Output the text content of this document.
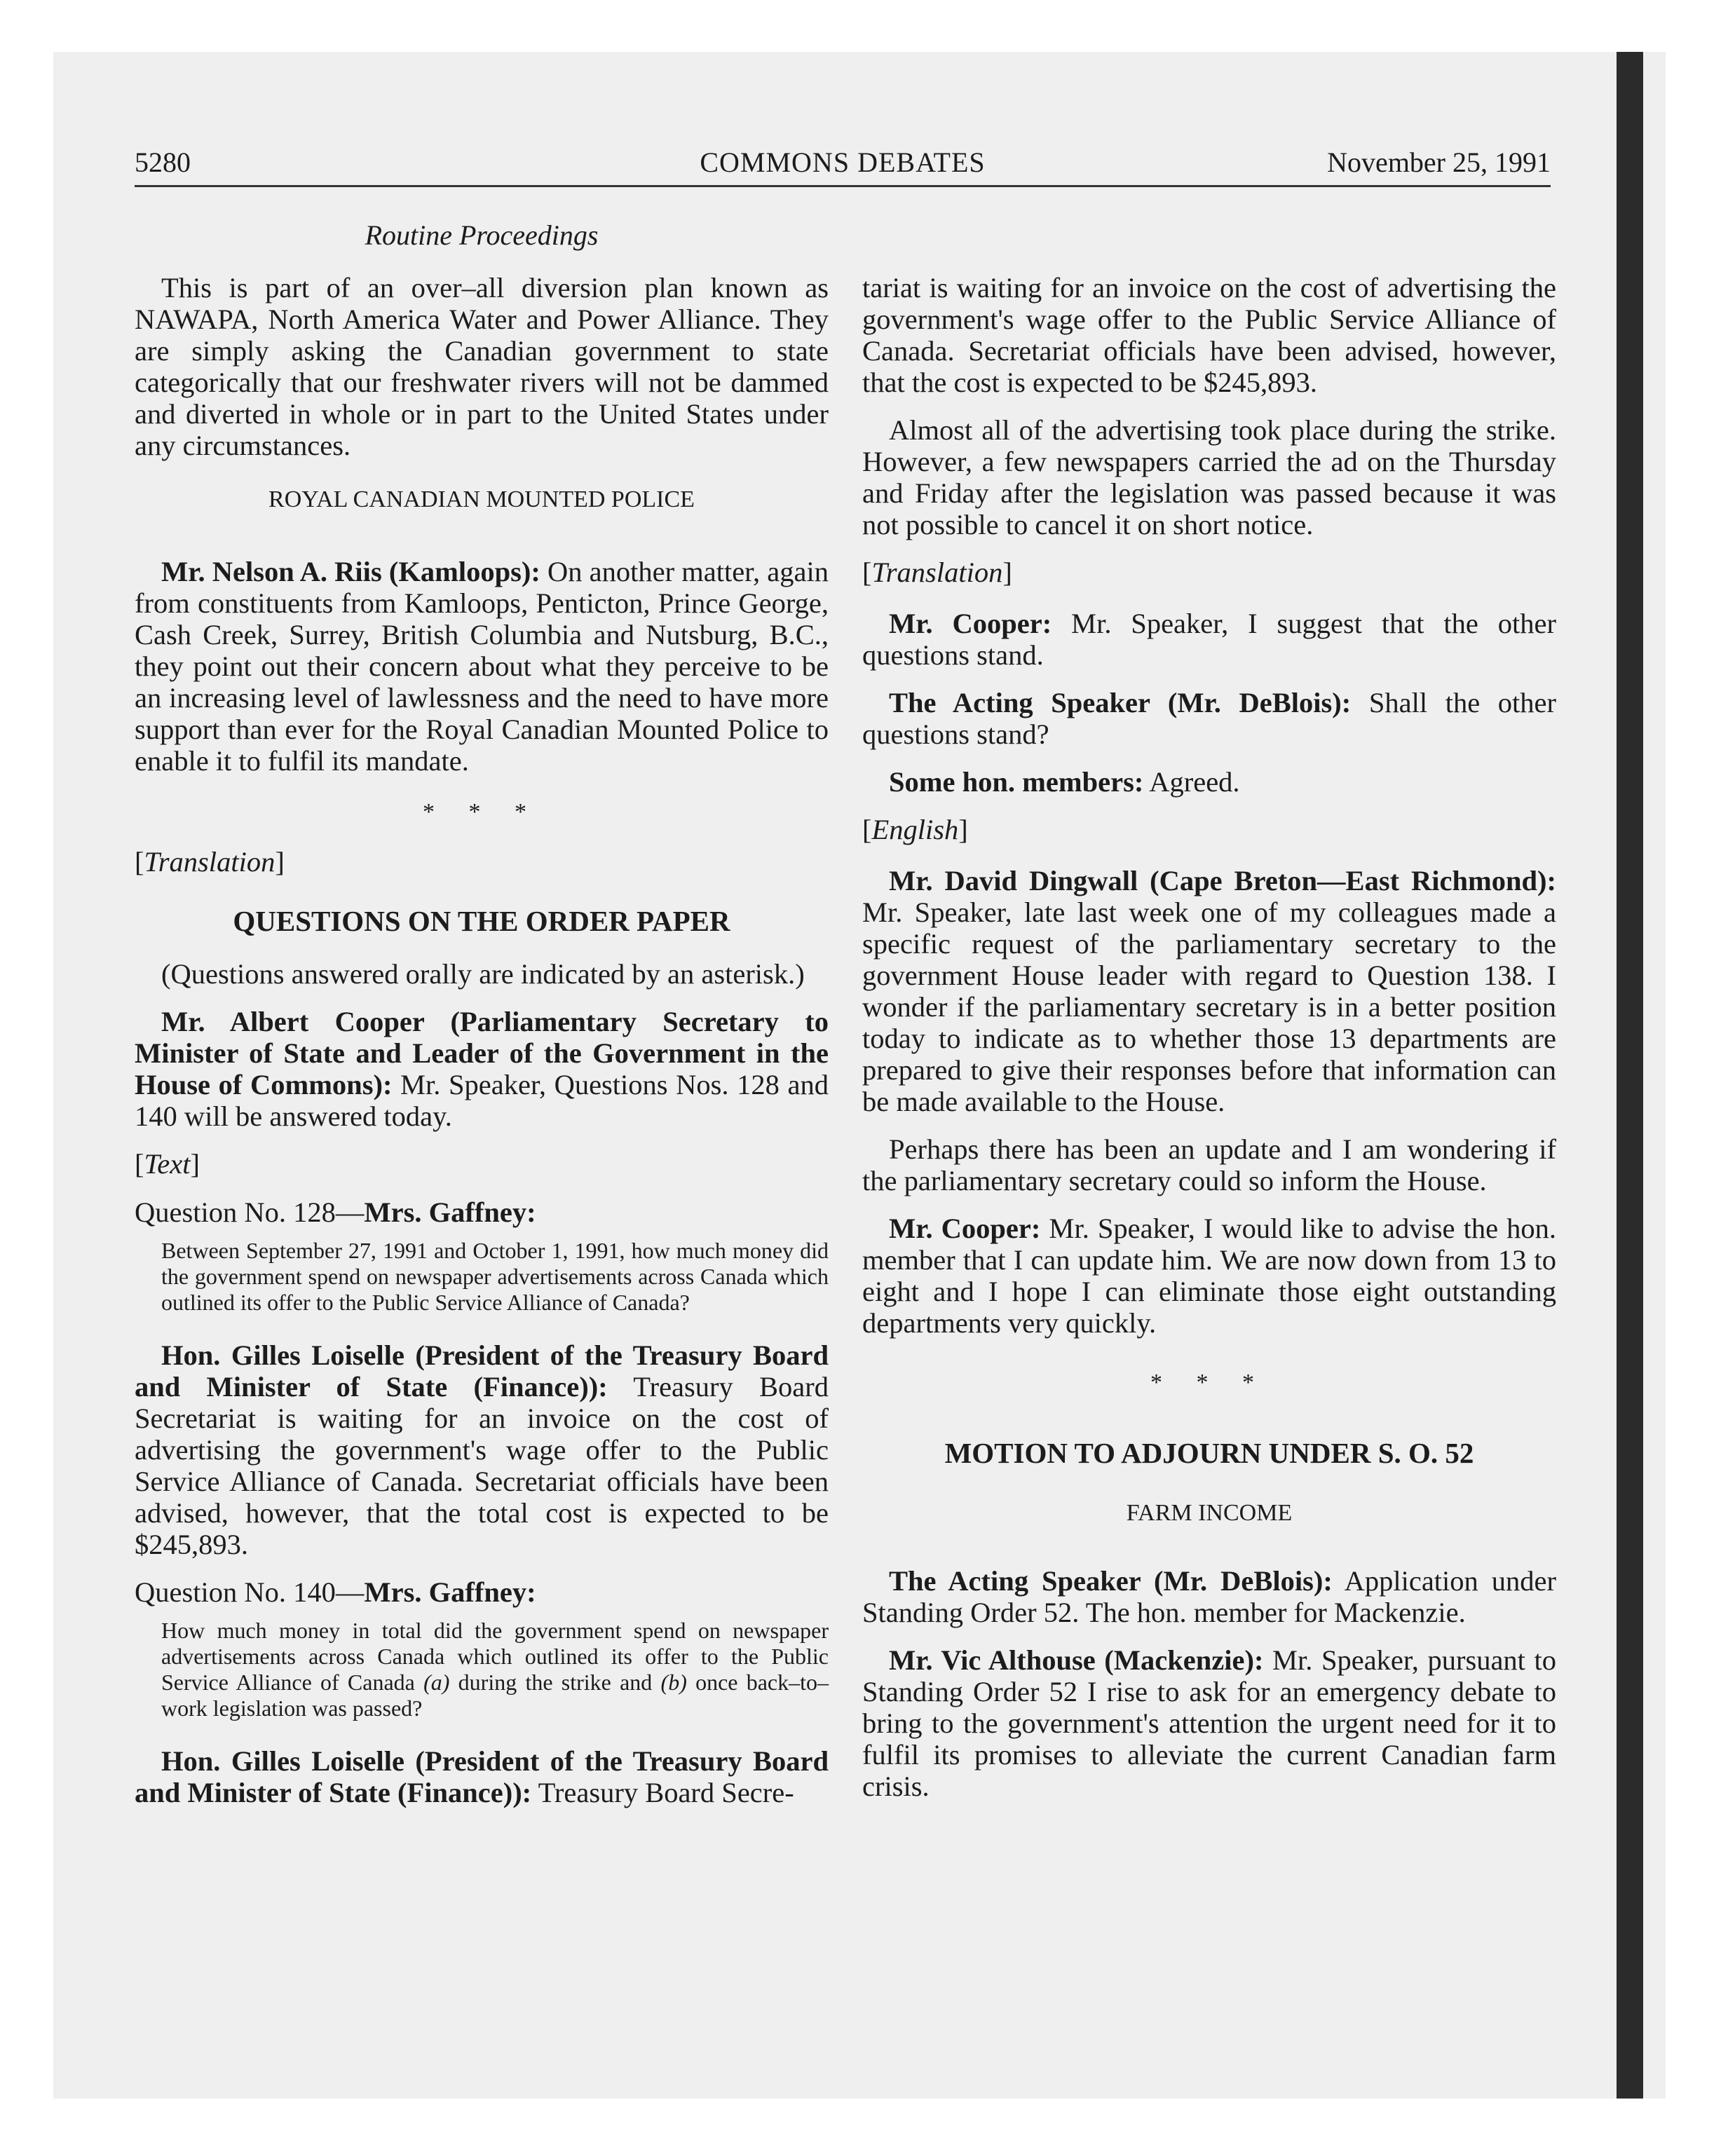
5280	COMMONS DEBATES	November 25, 1991
Routine Proceedings

This is part of an over–all diversion plan known as NAWAPA, North America Water and Power Alliance. They are simply asking the Canadian government to state categorically that our freshwater rivers will not be dammed and diverted in whole or in part to the United States under any circumstances.

ROYAL CANADIAN MOUNTED POLICE

Mr. Nelson A. Riis (Kamloops): On another matter, again from constituents from Kamloops, Penticton, Prince George, Cash Creek, Surrey, British Columbia and Nutsburg, B.C., they point out their concern about what they perceive to be an increasing level of lawlessness and the need to have more support than ever for the Royal Canadian Mounted Police to enable it to fulfil its mandate.

* * *

[Translation]

QUESTIONS ON THE ORDER PAPER

(Questions answered orally are indicated by an asterisk.)

Mr. Albert Cooper (Parliamentary Secretary to Minister of State and Leader of the Government in the House of Commons): Mr. Speaker, Questions Nos. 128 and 140 will be answered today.

[Text]

Question No. 128—Mrs. Gaffney:

Between September 27, 1991 and October 1, 1991, how much money did the government spend on newspaper advertisements across Canada which outlined its offer to the Public Service Alliance of Canada?

Hon. Gilles Loiselle (President of the Treasury Board and Minister of State (Finance)): Treasury Board Secretariat is waiting for an invoice on the cost of advertising the government's wage offer to the Public Service Alliance of Canada. Secretariat officials have been advised, however, that the total cost is expected to be $245,893.

Question No. 140—Mrs. Gaffney:

How much money in total did the government spend on newspaper advertisements across Canada which outlined its offer to the Public Service Alliance of Canada (a) during the strike and (b) once back–to–work legislation was passed?

Hon. Gilles Loiselle (President of the Treasury Board and Minister of State (Finance)): Treasury Board Secre-

tariat is waiting for an invoice on the cost of advertising the government's wage offer to the Public Service Alliance of Canada. Secretariat officials have been advised, however, that the cost is expected to be $245,893.

Almost all of the advertising took place during the strike. However, a few newspapers carried the ad on the Thursday and Friday after the legislation was passed because it was not possible to cancel it on short notice.

[Translation]

Mr. Cooper: Mr. Speaker, I suggest that the other questions stand.

The Acting Speaker (Mr. DeBlois): Shall the other questions stand?

Some hon. members: Agreed.

[English]

Mr. David Dingwall (Cape Breton—East Richmond): Mr. Speaker, late last week one of my colleagues made a specific request of the parliamentary secretary to the government House leader with regard to Question 138. I wonder if the parliamentary secretary is in a better position today to indicate as to whether those 13 departments are prepared to give their responses before that information can be made available to the House.

Perhaps there has been an update and I am wondering if the parliamentary secretary could so inform the House.

Mr. Cooper: Mr. Speaker, I would like to advise the hon. member that I can update him. We are now down from 13 to eight and I hope I can eliminate those eight outstanding departments very quickly.

* * *
MOTION TO ADJOURN UNDER S. O. 52
FARM INCOME

The Acting Speaker (Mr. DeBlois): Application under Standing Order 52. The hon. member for Mackenzie.

Mr. Vic Althouse (Mackenzie): Mr. Speaker, pursuant to Standing Order 52 I rise to ask for an emergency debate to bring to the government's attention the urgent need for it to fulfil its promises to alleviate the current Canadian farm crisis.
